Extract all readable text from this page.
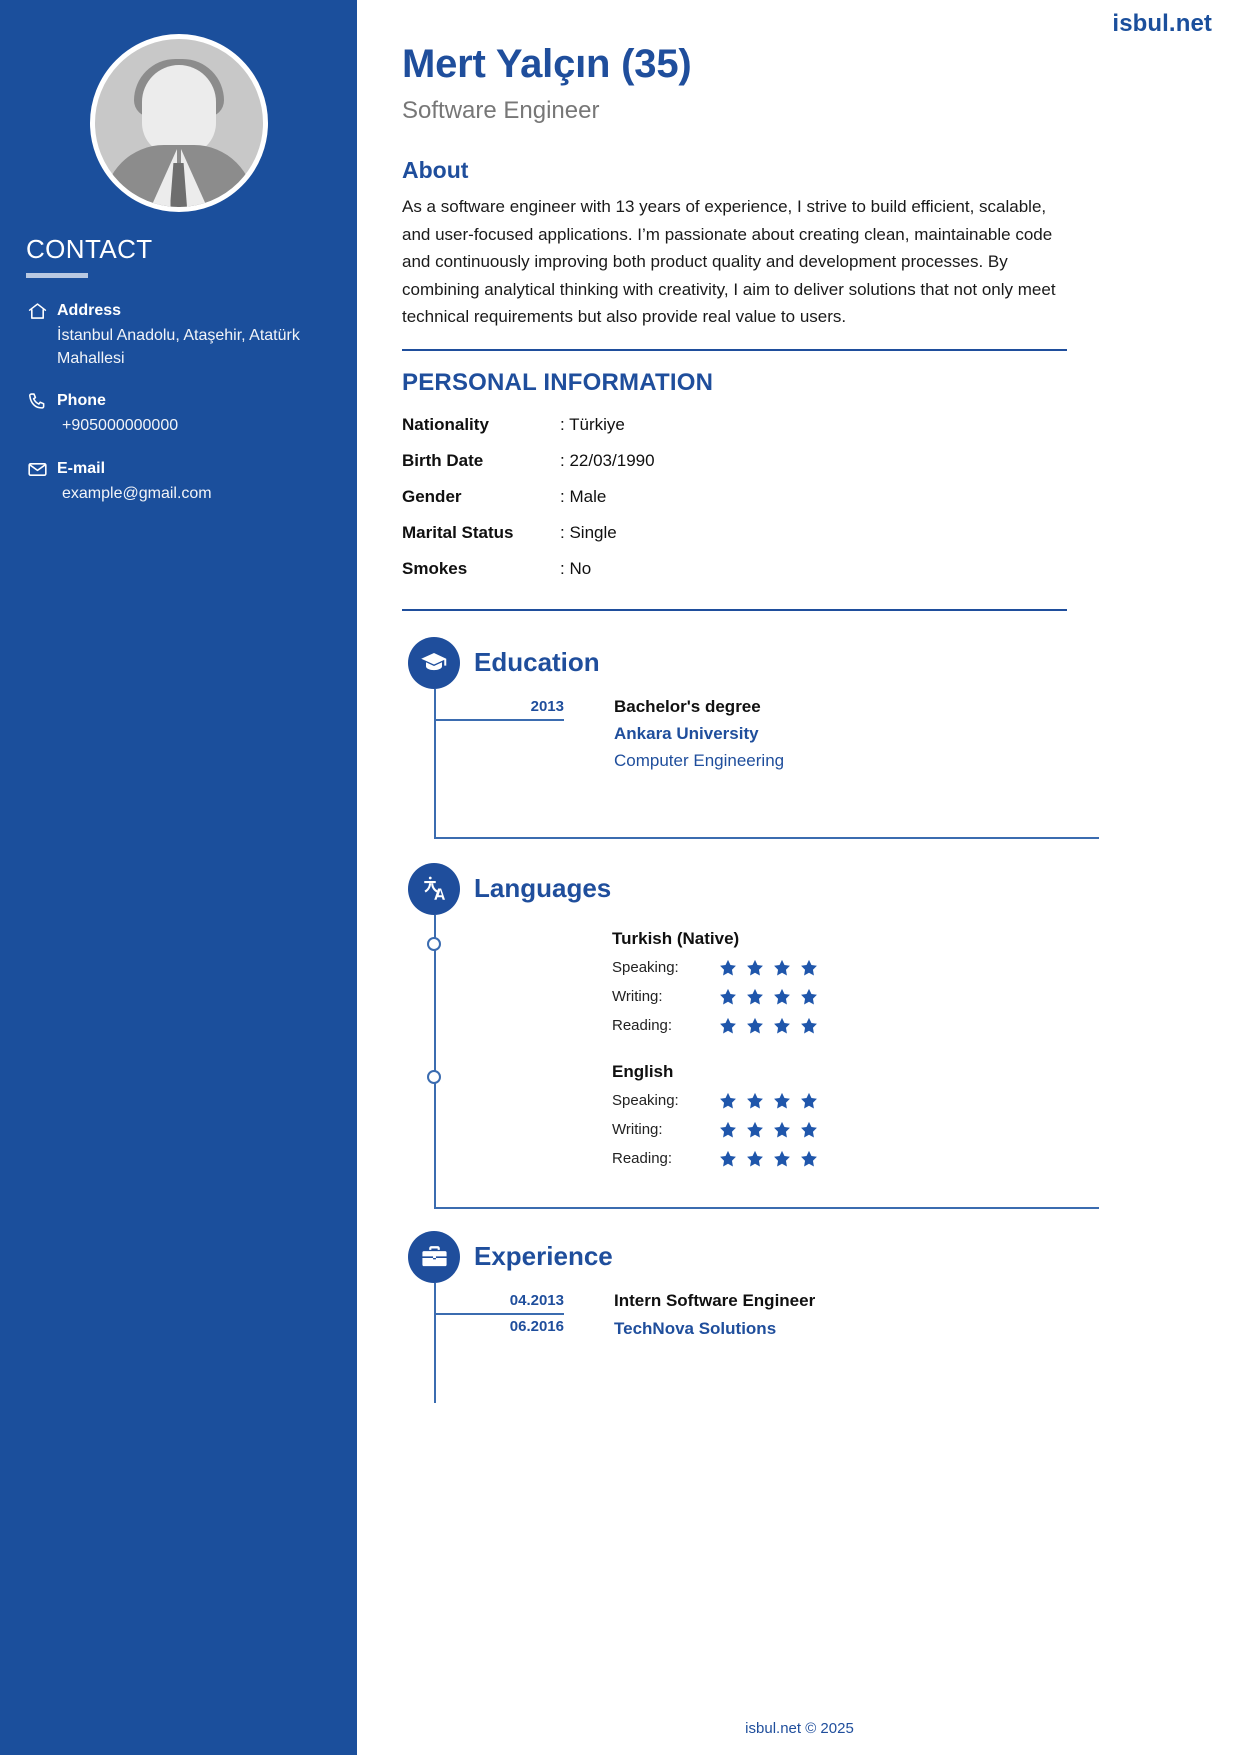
CONTACT
Address
İstanbul Anadolu, Ataşehir, Atatürk Mahallesi
Phone
+905000000000
E-mail
example@gmail.com
isbul.net
Mert Yalçın (35)
Software Engineer
About

As a software engineer with 13 years of experience, I strive to build efficient, scalable, and user-focused applications. I’m passionate about creating clean, maintainable code and continuously improving both product quality and development processes. By combining analytical thinking with creativity, I aim to deliver solutions that not only meet technical requirements but also provide real value to users.

PERSONAL INFORMATION
Nationality	: Türkiye
Birth Date	: 22/03/1990
Gender	: Male
Marital Status	: Single
Smokes	: No
Education
2013	Bachelor's degree
Ankara University
Computer Engineering
Languages
Turkish (Native)
Speaking:
Writing:
Reading:
English
Speaking:
Writing:
Reading:
Experience
04.2013
06.2016
Intern Software Engineer
TechNova Solutions
isbul.net © 2025
